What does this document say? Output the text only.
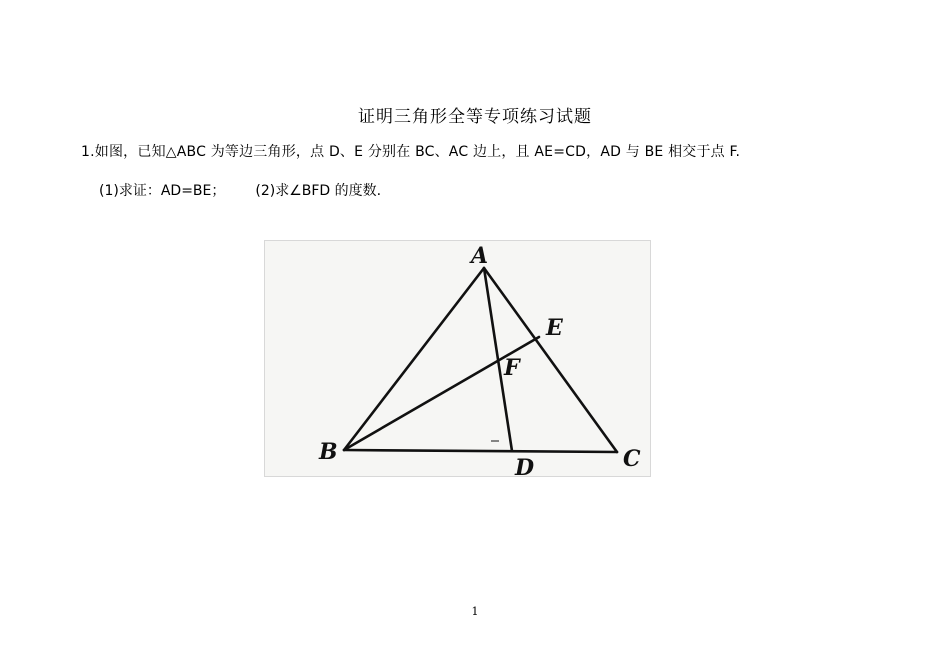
证明三角形全等专项练习试题
1.如图，已知△ABC 为等边三角形，点 D、E 分别在 BC、AC 边上，且 AE=CD，AD 与 BE 相交于点 F.
(1)求证：AD=BE； (2)求∠BFD 的度数.
A
B	C
D
E
F
1
